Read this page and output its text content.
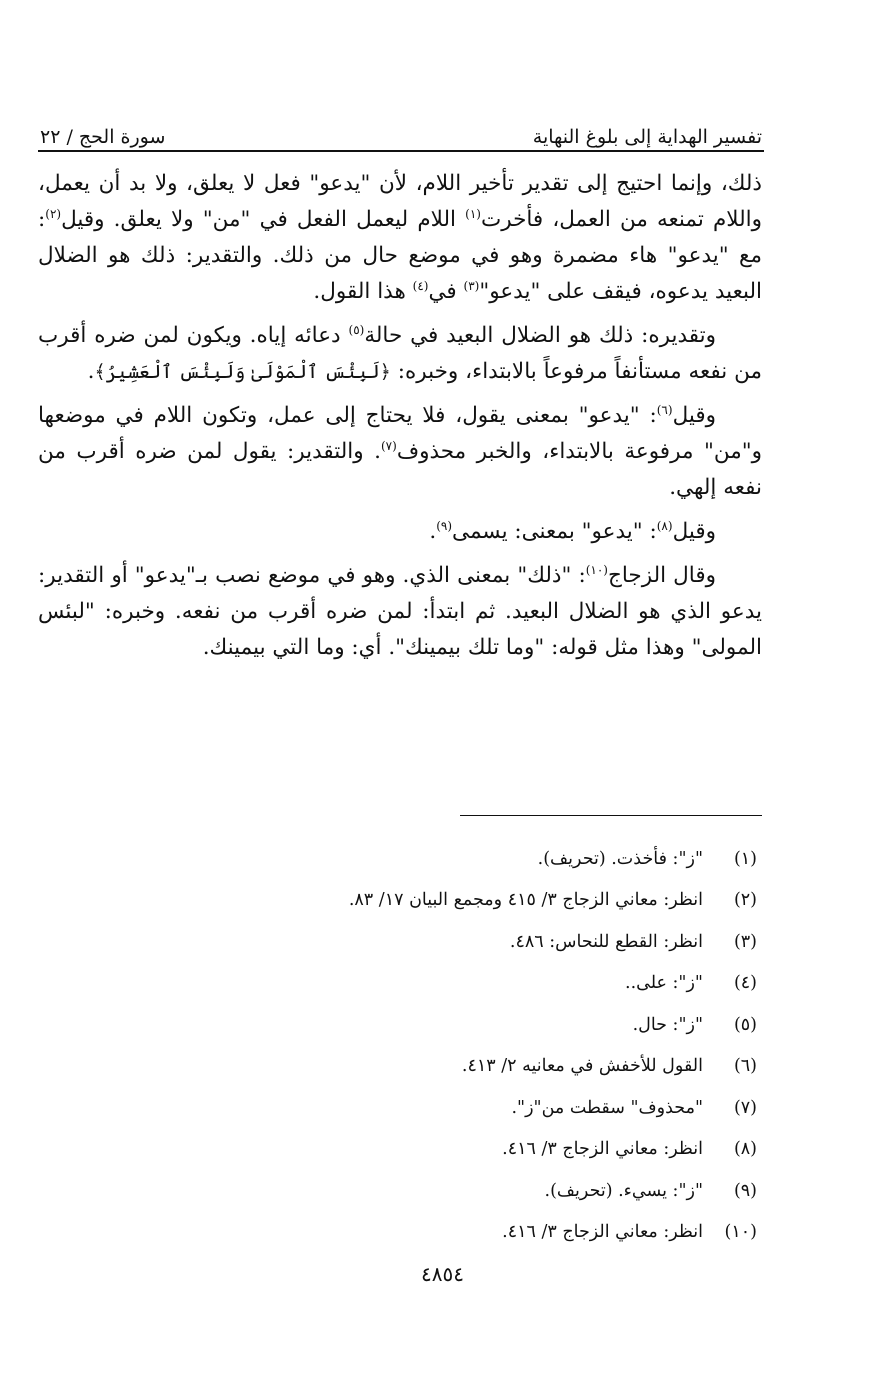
تفسير الهداية إلى بلوغ النهاية
سورة الحج / ٢٢

ذلك، وإنما احتيج إلى تقدير تأخير اللام، لأن "يدعو" فعل لا يعلق، ولا بد أن يعمل، واللام تمنعه من العمل، فأخرت$^{(١)}$ اللام ليعمل الفعل في "من" ولا يعلق. وقيل$^{(٢)}$: مع "يدعو" هاء مضمرة وهو في موضع حال من ذلك. والتقدير: ذلك هو الضلال البعيد يدعوه، فيقف على "يدعو"$^{(٣)}$ في$^{(٤)}$ هذا القول.

وتقديره: ذلك هو الضلال البعيد في حالة$^{(٥)}$ دعائه إياه. ويكون لمن ضره أقرب من نفعه مستأنفاً مرفوعاً بالابتداء، وخبره: ﴿لَبِئْسَ ٱلْمَوْلَىٰ وَلَبِئْسَ ٱلْعَشِيرُ﴾.

وقيل$^{(٦)}$: "يدعو" بمعنى يقول، فلا يحتاج إلى عمل، وتكون اللام في موضعها و"من" مرفوعة بالابتداء، والخبر محذوف$^{(٧)}$. والتقدير: يقول لمن ضره أقرب من نفعه إلهي.

وقيل$^{(٨)}$: "يدعو" بمعنى: يسمى$^{(٩)}$.

وقال الزجاج$^{(١٠)}$: "ذلك" بمعنى الذي. وهو في موضع نصب بـ"يدعو" أو التقدير: يدعو الذي هو الضلال البعيد. ثم ابتدأ: لمن ضره أقرب من نفعه. وخبره: "لبئس المولى" وهذا مثل قوله: "وما تلك بيمينك". أي: وما التي بيمينك.

(١)
"ز": فأخذت. (تحريف).
(٢)
انظر: معاني الزجاج ٣/ ٤١٥ ومجمع البيان ١٧/ ٨٣.
(٣)
انظر: القطع للنحاس: ٤٨٦.
(٤)
"ز": على..
(٥)
"ز": حال.
(٦)
القول للأخفش في معانيه ٢/ ٤١٣.
(٧)
"محذوف" سقطت من"ز".
(٨)
انظر: معاني الزجاج ٣/ ٤١٦.
(٩)
"ز": يسيء. (تحريف).
(١٠)
انظر: معاني الزجاج ٣/ ٤١٦.
٤٨٥٤
